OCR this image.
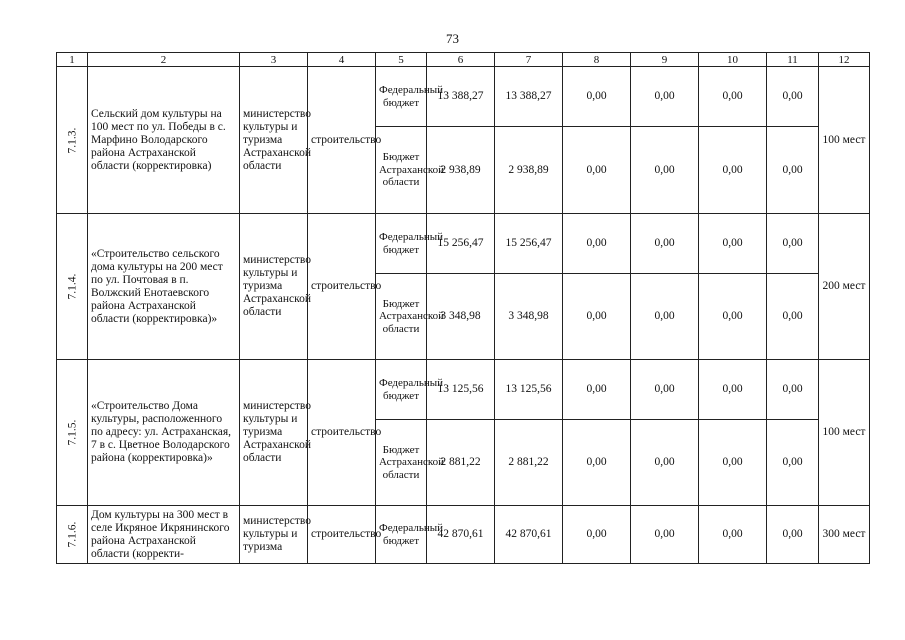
73
1	2	3	4	5	6	7	8	9	10	11	12
7.1.3.	Сельский дом культуры на 100 мест по ул. Победы в с. Марфино Володарского района Астраханской области (корректировка)	министерство культуры и туризма Астраханской области	строительство	Федеральный бюджет	13 388,27	13 388,27	0,00	0,00	0,00	0,00	100 мест
				Бюджет Астраханской области	2 938,89	2 938,89	0,00	0,00	0,00	0,00	
7.1.4.	«Строительство сельского дома культуры на 200 мест по ул. Почтовая в п. Волжский Енотаевского района Астраханской области (корректировка)»	министерство культуры и туризма Астраханской области	строительство	Федеральный бюджет	15 256,47	15 256,47	0,00	0,00	0,00	0,00	200 мест
				Бюджет Астраханской области	3 348,98	3 348,98	0,00	0,00	0,00	0,00	
7.1.5.	«Строительство Дома культуры, расположенного по адресу: ул. Астраханская, 7 в с. Цветное Володарского района (корректировка)»	министерство культуры и туризма Астраханской области	строительство	Федеральный бюджет	13 125,56	13 125,56	0,00	0,00	0,00	0,00	100 мест
				Бюджет Астраханской области	2 881,22	2 881,22	0,00	0,00	0,00	0,00	
7.1.6.	Дом культуры на 300 мест в селе Икряное Икрянинского района Астраханской области (корректи-	министерство культуры и туризма	строительство	Федеральный бюджет	42 870,61	42 870,61	0,00	0,00	0,00	0,00	300 мест
